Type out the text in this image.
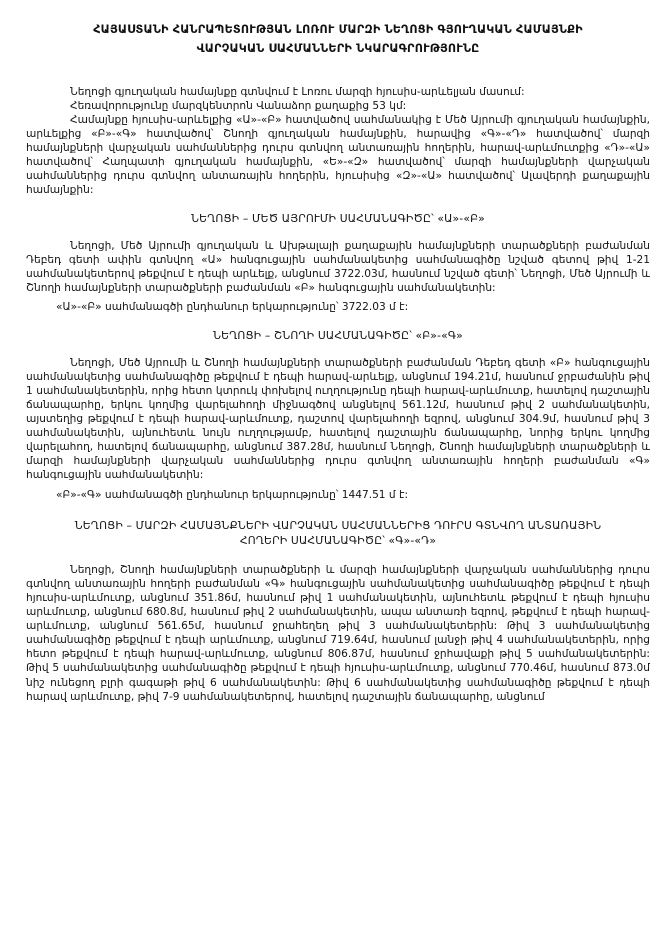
ՀԱՅԱՍՏԱՆԻ ՀԱՆՐԱՊԵՏՈՒԹՅԱՆ ԼՈՌՈՒ ՄԱՐԶԻ ՆԵՂՈՑԻ ԳՅՈՒՂԱԿԱՆ ՀԱՄԱՅՆՔԻ
ՎԱՐՉԱԿԱՆ ՍԱՀՄԱՆՆԵՐԻ ՆԿԱՐԱԳՐՈՒԹՅՈՒՆԸ

Նեղոցի գյուղական համայնքը գտնվում է Լոռու մարզի հյուսիս-արևելյան մասում:

Հեռավորությունը մարզկենտրոն Վանաձոր քաղաքից 53 կմ:

Համայնքը հյուսիս-արևելքից «Ա»-«Բ» հատվածով սահմանակից է Մեծ Այրումի գյուղական համայնքին, արևելքից «Բ»-«Գ» հատվածով՝ Շնողի գյուղական համայնքին, հարավից «Գ»-«Դ» հատվածով՝ մարզի համայնքների վարչական սահմաններից դուրս գտնվող անտառային հողերին, հարավ-արևմուտքից «Դ»-«Ա» հատվածով՝ Հաղպատի գյուղական համայնքին, «Ե»-«Զ» հատվածով՝ մարզի համայնքների վարչական սահմաններից դուրս գտնվող անտառային հողերին, հյուսիսից «Զ»-«Ա» հատվածով՝ Ալավերդի քաղաքային համայնքին:

ՆԵՂՈՑԻ – ՄԵԾ ԱՅՐՈՒՄԻ ՍԱՀՄԱՆԱԳԻԾԸ՝ «Ա»-«Բ»

Նեղոցի, Մեծ Այրումի գյուղական և Ախթալայի քաղաքային համայնքների տարածքների բաժանման Դեբեդ գետի ափին գտնվող «Ա» հանգուցային սահմանակետից սահմանագիծը նշված գետով թիվ 1-21 սահմանակետերով թեքվում է դեպի արևելք, անցնում 3722.03մ, հասնում նշված գետի՝ Նեղոցի, Մեծ Այրումի և Շնողի համայնքների տարածքների բաժանման «Բ» հանգուցային սահմանակետին:

«Ա»-«Բ» սահմանագծի ընդհանուր երկարությունը՝ 3722.03 մ է:

ՆԵՂՈՑԻ – ՇՆՈՂԻ ՍԱՀՄԱՆԱԳԻԾԸ՝ «Բ»-«Գ»

Նեղոցի, Մեծ Այրումի և Շնողի համայնքների տարածքների բաժանման Դեբեդ գետի «Բ» հանգուցային սահմանակետից սահմանագիծը թեքվում է դեպի հարավ-արևելք, անցնում 194.21մ, հասնում ջրբաժանին թիվ 1 սահմանակետերին, որից հետո կտրուկ փոխելով ուղղությունը դեպի հարավ-արևմուտք, հատելով դաշտային ճանապարհը, երկու կողմից վարելահողի միջնագծով անցնելով 561.12մ, հասնում թիվ 2 սահմանակետին, այստեղից թեքվում է դեպի հարավ-արևմուտք, դաշտով վարելահողի եզրով, անցնում 304.9մ, հասնում թիվ 3 սահմանակետին, այնուհետև նույն ուղղությամբ, հատելով դաշտային ճանապարհը, նորից երկու կողմից վարելահող, հատելով ճանապարհը, անցնում 387.28մ, հասնում Նեղոցի, Շնողի համայնքների տարածքների և մարզի համայնքների վարչական սահմաններից դուրս գտնվող անտառային հողերի բաժանման «Գ» հանգուցային սահմանակետին:

«Բ»-«Գ» սահմանագծի ընդհանուր երկարությունը՝ 1447.51 մ է:

ՆԵՂՈՑԻ – ՄԱՐԶԻ ՀԱՄԱՅՆՔՆԵՐԻ ՎԱՐՉԱԿԱՆ ՍԱՀՄԱՆՆԵՐԻՑ ԴՈՒՐՍ ԳՏՆՎՈՂ ԱՆՏԱՌԱՅԻՆ
ՀՈՂԵՐԻ ՍԱՀՄԱՆԱԳԻԾԸ՝ «Գ»-«Դ»

Նեղոցի, Շնողի համայնքների տարածքների և մարզի համայնքների վարչական սահմաններից դուրս գտնվող անտառային հողերի բաժանման «Գ» հանգուցային սահմանակետից սահմանագիծը թեքվում է դեպի հյուսիս-արևմուտք, անցնում 351.86մ, հասնում թիվ 1 սահմանակետին, այնուհետև թեքվում է դեպի հյուսիս արևմուտք, անցնում 680.8մ, հասնում թիվ 2 սահմանակետին, ապա անտառի եզրով, թեքվում է դեպի հարավ-արևմուտք, անցնում 561.65մ, հասնում ջրահեղեղ թիվ 3 սահմանակետերին: Թիվ 3 սահմանակետից սահմանագիծը թեքվում է դեպի արևմուտք, անցնում 719.64մ, հասնում լանջի թիվ 4 սահմանակետերին, որից հետո թեքվում է դեպի հարավ-արևմուտք, անցնում 806.87մ, հասնում ջրհավաքի թիվ 5 սահմանակետերին: Թիվ 5 սահմանակետից սահմանագիծը թեքվում է դեպի հյուսիս-արևմուտք, անցնում 770.46մ, հասնում 873.0մ նիշ ունեցող բլրի գագաթի թիվ 6 սահմանակետին: Թիվ 6 սահմանակետից սահմանագիծը թեքվում է դեպի հարավ արևմուտք, թիվ 7-9 սահմանակետերով, հատելով դաշտային ճանապարհը, անցնում
